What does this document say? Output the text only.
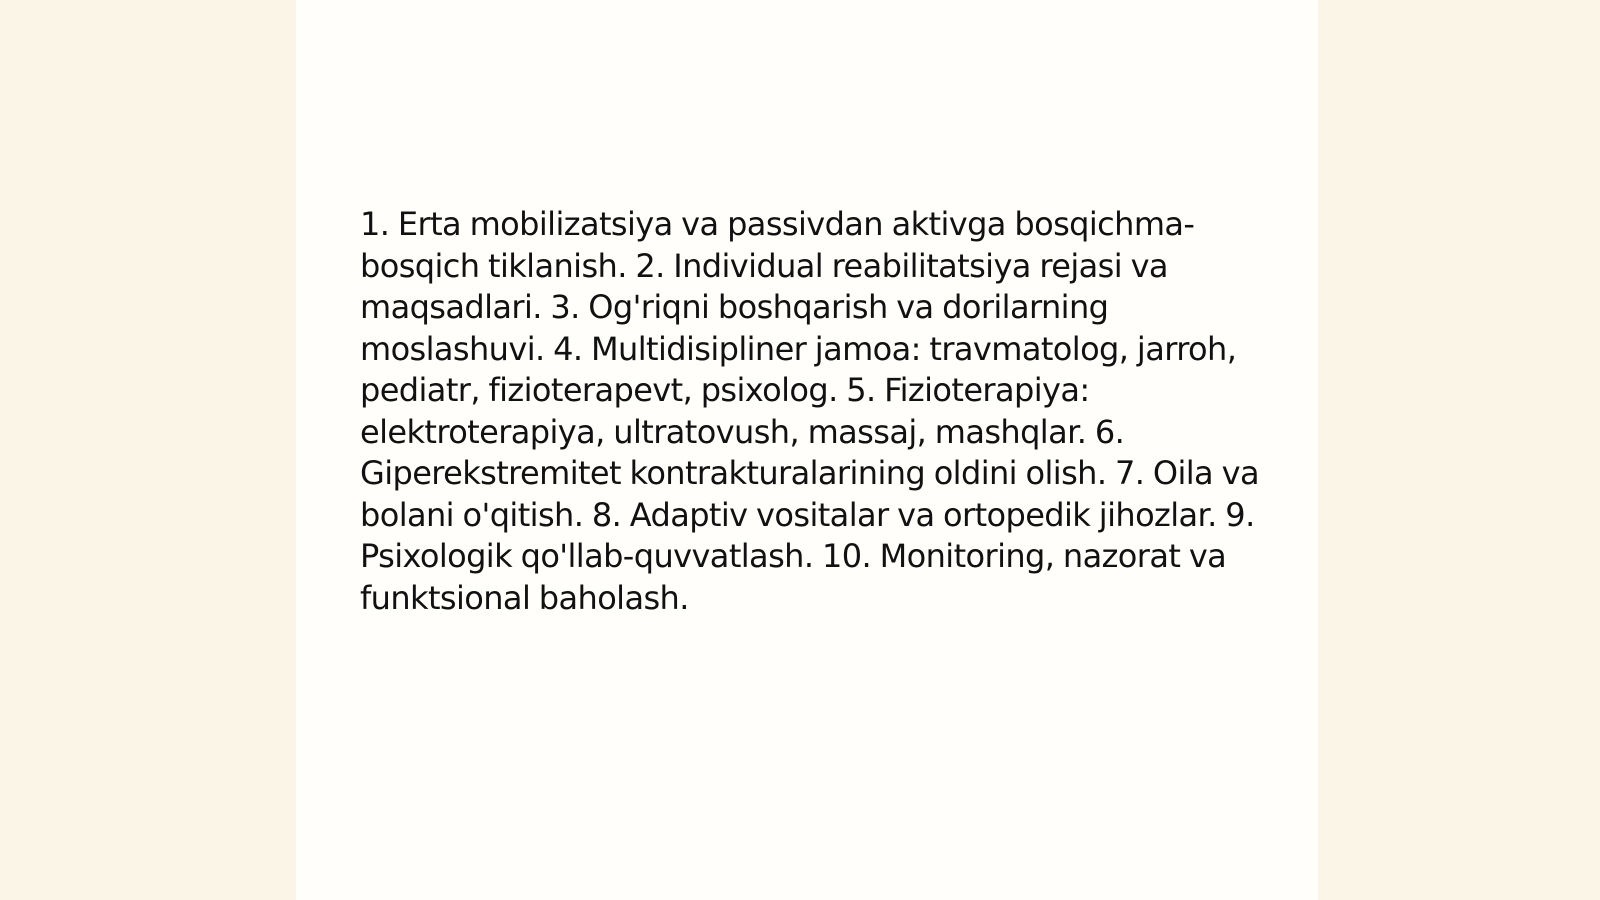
1. Erta mobilizatsiya va passivdan aktivga bosqichma-bosqich tiklanish. 2. Individual reabilitatsiya rejasi va maqsadlari. 3. Og'riqni boshqarish va dorilarning moslashuvi. 4. Multidisipliner jamoa: travmatolog, jarroh, pediatr, fizioterapevt, psixolog. 5. Fizioterapiya: elektroterapiya, ultratovush, massaj, mashqlar. 6. Giperekstremitet kontrakturalarining oldini olish. 7. Oila va bolani o'qitish. 8. Adaptiv vositalar va ortopedik jihozlar. 9. Psixologik qo'llab-quvvatlash. 10. Monitoring, nazorat va funktsional baholash.
